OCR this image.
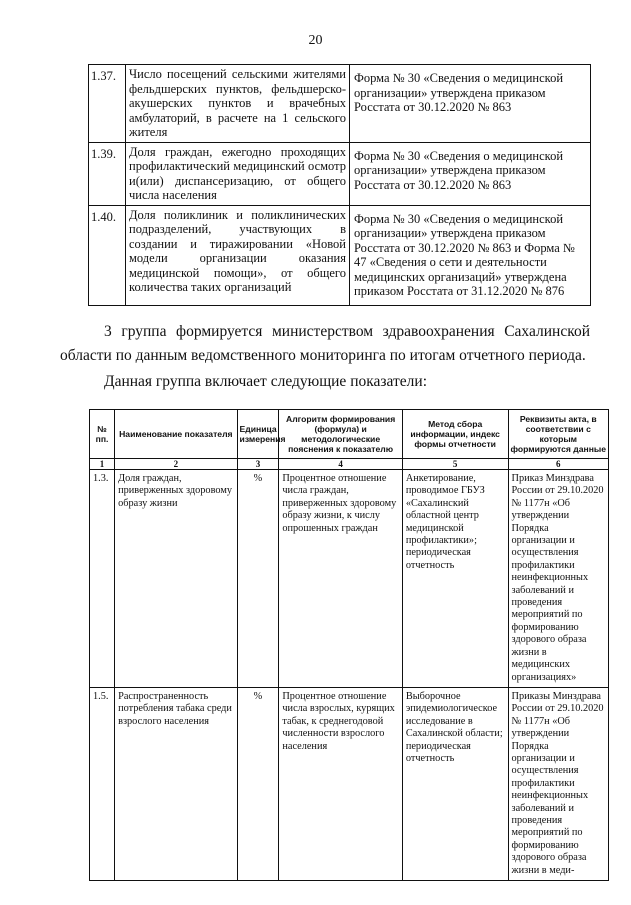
20
1.37.	Число посещений сельскими жителями фельдшерских пунктов, фельдшерско-акушерских пунктов и врачебных амбулаторий, в расчете на 1 сельского жителя	Форма № 30 «Сведения о медицинской организации» утверждена приказом Росстата от 30.12.2020 № 863
1.39.	Доля граждан, ежегодно проходящих профилактический медицинский осмотр и(или) диспансеризацию, от общего числа населения	Форма № 30 «Сведения о медицинской организации» утверждена приказом Росстата от 30.12.2020 № 863
1.40.	Доля поликлиник и поликлинических подразделений, участвующих в создании и тиражировании «Новой модели организации оказания медицинской помощи», от общего количества таких организаций	Форма № 30 «Сведения о медицинской организации» утверждена приказом Росстата от 30.12.2020 № 863 и Форма № 47 «Сведения о сети и деятельности медицинских организаций» утверждена приказом Росстата от 31.12.2020 № 876
3 группа формируется министерством здравоохранения Сахалинской области по данным ведомственного мониторинга по итогам отчетного периода.
Данная группа включает следующие показатели:
№ пп.	Наименование показателя	Единица измерения	Алгоритм формирования (формула) и методологические пояснения к показателю	Метод сбора информации, индекс формы отчетности	Реквизиты акта, в соответствии с которым формируются данные
1	2	3	4	5	6
1.3.	Доля граждан, приверженных здоровому образу жизни	%	Процентное отношение числа граждан, приверженных здоровому образу жизни, к числу опрошенных граждан	Анкетирование, проводимое ГБУЗ «Сахалинский областной центр медицинской профилактики»; периодическая отчетность	Приказ Минздрава России от 29.10.2020 № 1177н «Об утверждении Порядка организации и осуществления профилактики неинфекционных заболеваний и проведения мероприятий по формированию здорового образа жизни в медицинских организациях»
1.5.	Распространенность потребления табака среди взрослого населения	%	Процентное отношение числа взрослых, курящих табак, к среднегодовой численности взрослого населения	Выборочное эпидемиологическое исследование в Сахалинской области; периодическая отчетность	Приказы Минздрава России от 29.10.2020 № 1177н «Об утверждении Порядка организации и осуществления профилактики неинфекционных заболеваний и проведения мероприятий по формированию здорового образа жизни в меди-
